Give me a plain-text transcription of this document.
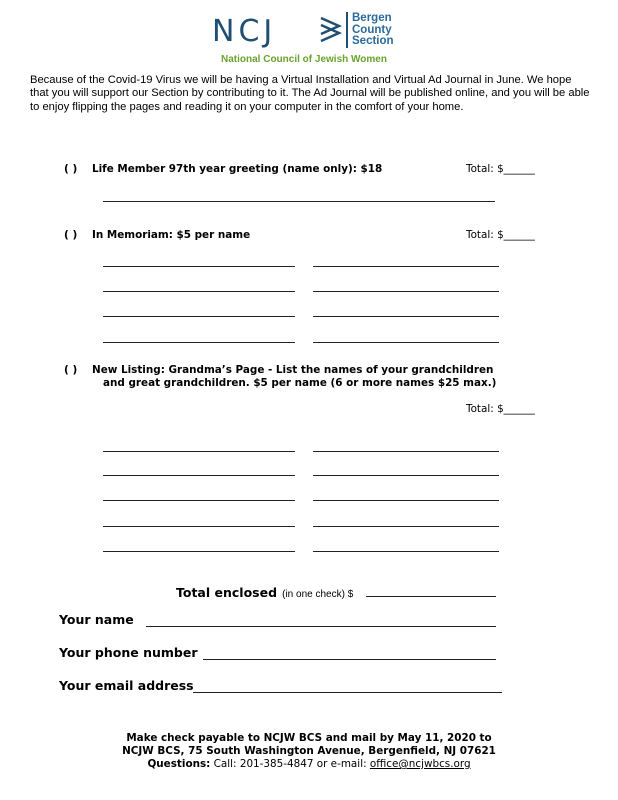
NCJ	Bergen
County
Section
National Council of Jewish Women
Because of the Covid-19 Virus we will be having a Virtual Installation and Virtual Ad Journal in June. We hope that you will support our Section by contributing to it. The Ad Journal will be published online, and you will be able to enjoy flipping the pages and reading it on your computer in the comfort of your home.
( ) Life Member 97th year greeting (name only): $18	Total: $______
( ) In Memoriam: $5 per name	Total: $______
( ) New Listing: Grandma’s Page - List the names of your grandchildren
and great grandchildren. $5 per name (6 or more names $25 max.)
Total: $______
Total enclosed (in one check) $
Your name
Your phone number
Your email address
Make check payable to NCJW BCS and mail by May 11, 2020 to
NCJW BCS, 75 South Washington Avenue, Bergenfield, NJ 07621
Questions: Call: 201-385-4847 or e-mail: office@ncjwbcs.org
